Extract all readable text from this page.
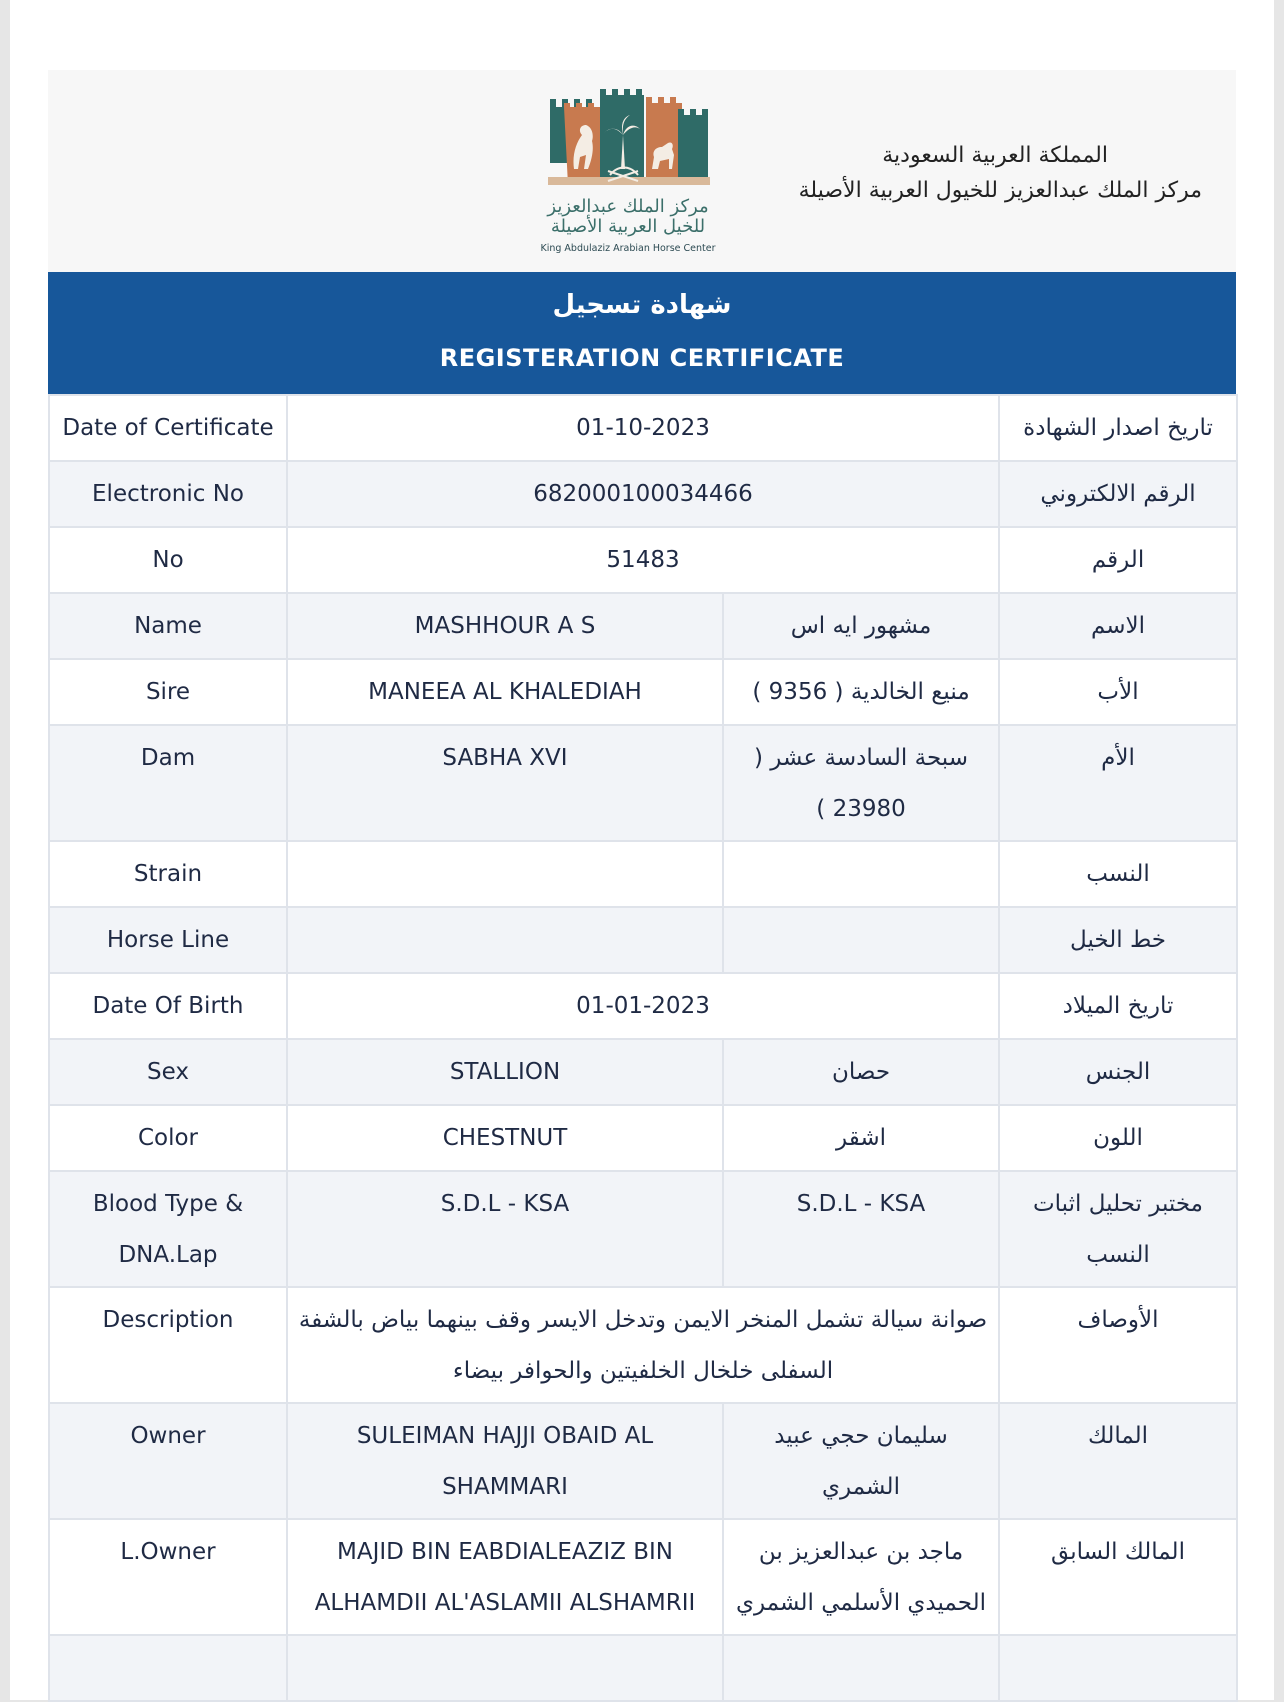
مركز الملك عبدالعزيز
للخيل العربية الأصيلة
King Abdulaziz Arabian Horse Center
المملكة العربية السعودية
مركز الملك عبدالعزيز للخيول العربية الأصيلة
شهادة تسجيل
REGISTERATION CERTIFICATE
Date of Certificate	01-10-2023		تاريخ اصدار الشهادة
Electronic No	682000100034466		الرقم الالكتروني
No	51483		الرقم
Name	MASHHOUR A S	مشهور ايه اس	الاسم
Sire	MANEEA AL KHALEDIAH	منيع الخالدية ( 9356 )	الأب
Dam	SABHA XVI	سبحة السادسة عشر ( 23980 )	الأم
Strain			النسب
Horse Line			خط الخيل
Date Of Birth	01-01-2023		تاريخ الميلاد
Sex	STALLION	حصان	الجنس
Color	CHESTNUT	اشقر	اللون
Blood Type & DNA.Lap	S.D.L - KSA	S.D.L - KSA	مختبر تحليل اثبات النسب
Description	صوانة سيالة تشمل المنخر الايمن وتدخل الايسر وقف بينهما بياض بالشفة السفلى خلخال الخلفيتين والحوافر بيضاء		الأوصاف
Owner	SULEIMAN HAJJI OBAID AL SHAMMARI	سليمان حجي عبيد الشمري	المالك
L.Owner	MAJID BIN EABDIALEAZIZ BIN ALHAMDII AL'ASLAMII ALSHAMRII	ماجد بن عبدالعزيز بن الحميدي الأسلمي الشمري	المالك السابق
